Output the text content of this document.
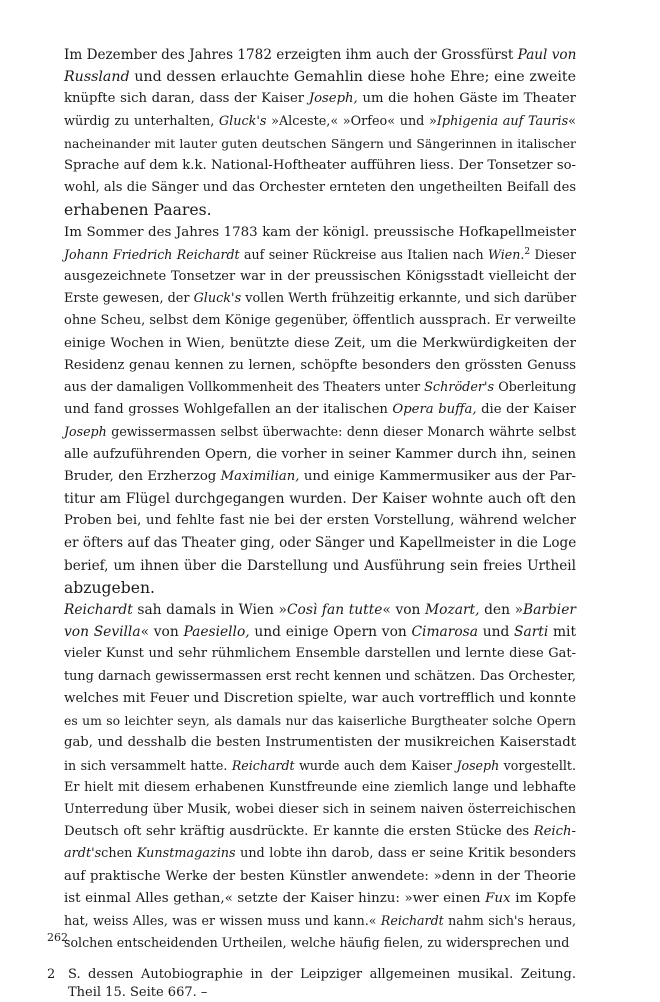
Im Dezember des Jahres 1782 erzeigten ihm auch der Grossfürst Paul von
Russland und dessen erlauchte Gemahlin diese hohe Ehre; eine zweite
knüpfte sich daran, dass der Kaiser Joseph, um die hohen Gäste im Theater
würdig zu unterhalten, Gluck's »Alceste,« »Orfeo« und »Iphigenia auf Tauris«
nacheinander mit lauter guten deutschen Sängern und Sängerinnen in italischer
Sprache auf dem k.k. National-Hoftheater aufführen liess. Der Tonsetzer so-
wohl, als die Sänger und das Orchester ernteten den ungetheilten Beifall des
erhabenen Paares.

Im Sommer des Jahres 1783 kam der königl. preussische Hofkapellmeister
Johann Friedrich Reichardt auf seiner Rückreise aus Italien nach Wien.$^2$ Dieser
ausgezeichnete Tonsetzer war in der preussischen Königsstadt vielleicht der
Erste gewesen, der Gluck's vollen Werth frühzeitig erkannte, und sich darüber
ohne Scheu, selbst dem Könige gegenüber, öffentlich aussprach. Er verweilte
einige Wochen in Wien, benützte diese Zeit, um die Merkwürdigkeiten der
Residenz genau kennen zu lernen, schöpfte besonders den grössten Genuss
aus der damaligen Vollkommenheit des Theaters unter Schröder's Oberleitung
und fand grosses Wohlgefallen an der italischen Opera buffa, die der Kaiser
Joseph gewissermassen selbst überwachte: denn dieser Monarch währte selbst
alle aufzuführenden Opern, die vorher in seiner Kammer durch ihn, seinen
Bruder, den Erzherzog Maximilian, und einige Kammermusiker aus der Par-
titur am Flügel durchgegangen wurden. Der Kaiser wohnte auch oft den
Proben bei, und fehlte fast nie bei der ersten Vorstellung, während welcher
er öfters auf das Theater ging, oder Sänger und Kapellmeister in die Loge
berief, um ihnen über die Darstellung und Ausführung sein freies Urtheil
abzugeben.

Reichardt sah damals in Wien »Così fan tutte« von Mozart, den »Barbier
von Sevilla« von Paesiello, und einige Opern von Cimarosa und Sarti mit
vieler Kunst und sehr rühmlichem Ensemble darstellen und lernte diese Gat-
tung darnach gewissermassen erst recht kennen und schätzen. Das Orchester,
welches mit Feuer und Discretion spielte, war auch vortrefflich und konnte
es um so leichter seyn, als damals nur das kaiserliche Burgtheater solche Opern
gab, und desshalb die besten Instrumentisten der musikreichen Kaiserstadt
in sich versammelt hatte. Reichardt wurde auch dem Kaiser Joseph vorgestellt.
Er hielt mit diesem erhabenen Kunstfreunde eine ziemlich lange und lebhafte
Unterredung über Musik, wobei dieser sich in seinem naiven österreichischen
Deutsch oft sehr kräftig ausdrückte. Er kannte die ersten Stücke des Reich-
ardt'schen Kunstmagazins und lobte ihn darob, dass er seine Kritik besonders
auf praktische Werke der besten Künstler anwendete: »denn in der Theorie
ist einmal Alles gethan,« setzte der Kaiser hinzu: »wer einen Fux im Kopfe
hat, weiss Alles, was er wissen muss und kann.« Reichardt nahm sich's heraus,
solchen entscheidenden Urtheilen, welche häufig fielen, zu widersprechen und

2 S. dessen Autobiographie in der Leipziger allgemeinen musikal. Zeitung. Theil 15. Seite 667. –
262
